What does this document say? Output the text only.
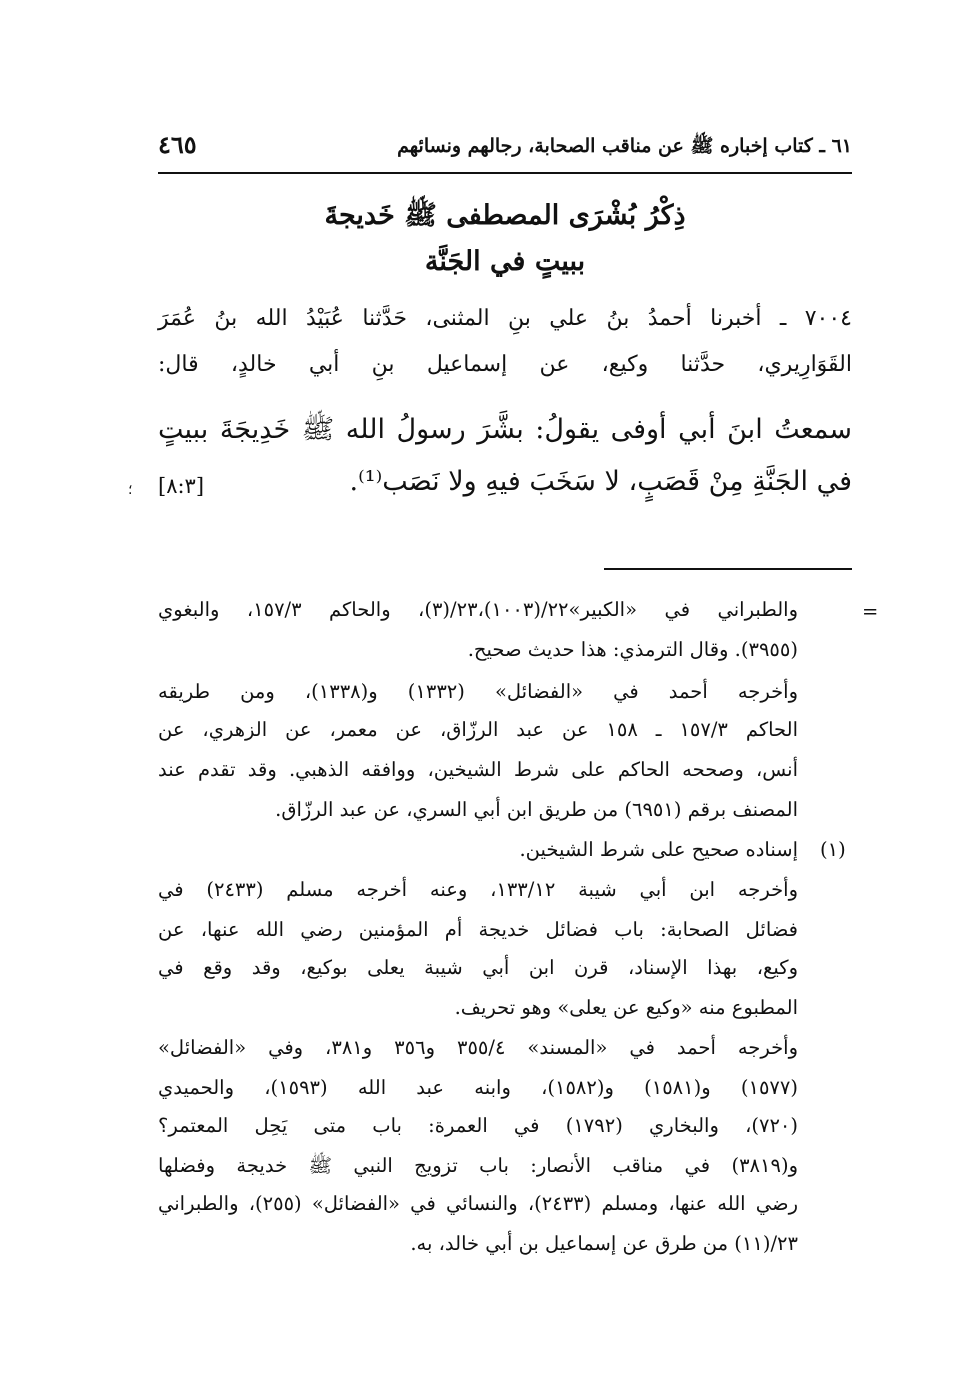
٤٦٥	٦١ ـ كتاب إخباره ﷺ عن مناقب الصحابة، رجالهم ونسائهم
ذِكْرُ بُشْرَى المصطفى ﷺ خَديجةَ
ببيتٍ في الجَنَّة
٧٠٠٤ ـ أخبرنا أحمدُ بنُ علي بنِ المثنى، حَدَّثنا عُبَيْدُ الله بنُ عُمَرَ
القَوَارِيري، حدَّثنا وكيع، عن إسماعيل بنِ أبي خالدٍ، قال:
سمعتُ ابنَ أبي أوفى يقولُ: بشَّرَ رسولُ الله ﷺ خَدِيجَةَ ببيتٍ
في الجَنَّةِ مِنْ قَصَبٍ، لا سَخَبَ فيهِ ولا نَصَب⁽¹⁾.
[٨:٣]
؛
=
(١)
والطبراني في «الكبير»٢٢/(١٠٠٣)،٢٣/(٣)، والحاكم ١٥٧/٣، والبغوي
(٣٩٥٥). وقال الترمذي: هذا حديث صحيح.
وأخرجه أحمد في «الفضائل» (١٣٣٢) و(١٣٣٨)، ومن طريقه
الحاكم ١٥٧/٣ ـ ١٥٨ عن عبد الرزّاق، عن معمر، عن الزهري، عن
أنس، وصححه الحاكم على شرط الشيخين، ووافقه الذهبي. وقد تقدم عند
المصنف برقم (٦٩٥١) من طريق ابن أبي السري، عن عبد الرزّاق.
إسناده صحيح على شرط الشيخين.
وأخرجه ابن أبي شيبة ١٣٣/١٢، وعنه أخرجه مسلم (٢٤٣٣) في
فضائل الصحابة: باب فضائل خديجة أم المؤمنين رضي الله عنها، عن
وكيع، بهذا الإسناد، قرن ابن أبي شيبة يعلى بوكيع، وقد وقع في
المطبوع منه «وكيع عن يعلى» وهو تحريف.
وأخرجه أحمد في «المسند» ٣٥٥/٤ و٣٥٦ و٣٨١، وفي «الفضائل»
(١٥٧٧) و(١٥٨١) و(١٥٨٢)، وابنه عبد الله (١٥٩٣)، والحميدي
(٧٢٠)، والبخاري (١٧٩٢) في العمرة: باب متى يَحِل المعتمر؟
و(٣٨١٩) في مناقب الأنصار: باب تزويج النبي ﷺ خديجة وفضلها
رضي الله عنها، ومسلم (٢٤٣٣)، والنسائي في «الفضائل» (٢٥٥)، والطبراني
٢٣/(١١) من طرق عن إسماعيل بن أبي خالد، به.
